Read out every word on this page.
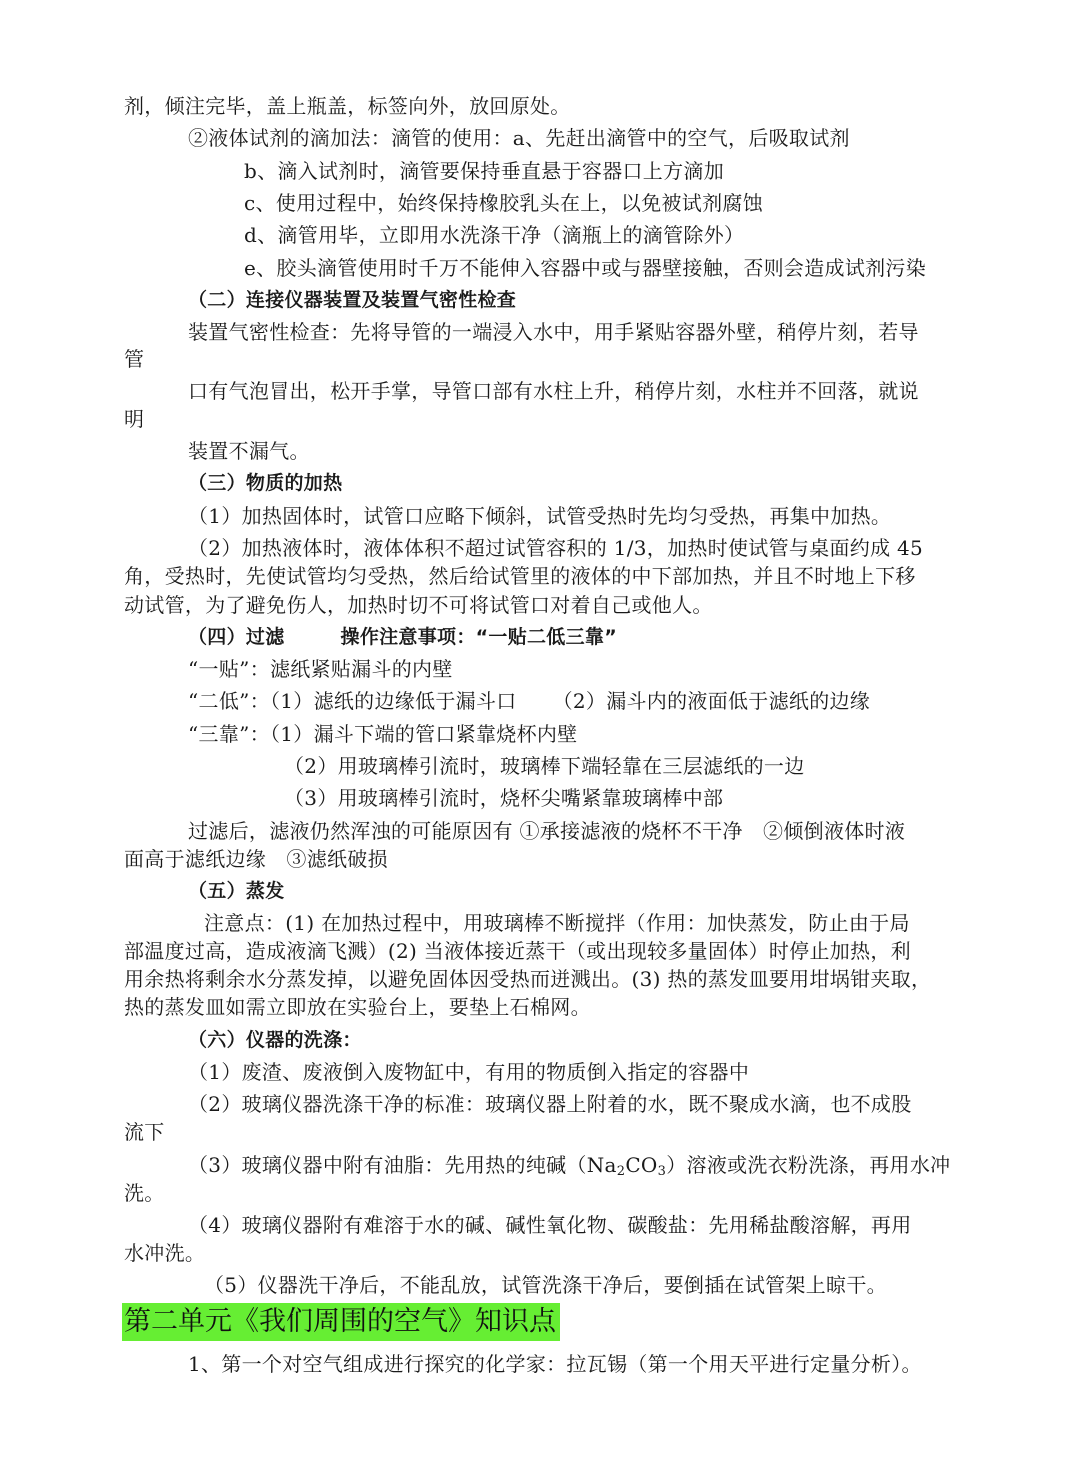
剂，倾注完毕，盖上瓶盖，标签向外，放回原处。
②液体试剂的滴加法：滴管的使用：a、先赶出滴管中的空气，后吸取试剂
b、滴入试剂时，滴管要保持垂直悬于容器口上方滴加
c、使用过程中，始终保持橡胶乳头在上，以免被试剂腐蚀
d、滴管用毕，立即用水洗涤干净（滴瓶上的滴管除外）
e、胶头滴管使用时千万不能伸入容器中或与器壁接触，否则会造成试剂污染
（二）连接仪器装置及装置气密性检查
装置气密性检查：先将导管的一端浸入水中，用手紧贴容器外壁，稍停片刻，若导
管
口有气泡冒出，松开手掌，导管口部有水柱上升，稍停片刻，水柱并不回落，就说
明
装置不漏气。
（三）物质的加热
（1）加热固体时，试管口应略下倾斜，试管受热时先均匀受热，再集中加热。
（2）加热液体时，液体体积不超过试管容积的 1/3，加热时使试管与桌面约成 45
角，受热时，先使试管均匀受热，然后给试管里的液体的中下部加热，并且不时地上下移
动试管，为了避免伤人，加热时切不可将试管口对着自己或他人。
（四）过滤	操作注意事项：“一贴二低三靠”
“一贴”：滤纸紧贴漏斗的内壁
“二低”：（1）滤纸的边缘低于漏斗口 （2）漏斗内的液面低于滤纸的边缘
“三靠”：（1）漏斗下端的管口紧靠烧杯内壁
（2）用玻璃棒引流时，玻璃棒下端轻靠在三层滤纸的一边
（3）用玻璃棒引流时，烧杯尖嘴紧靠玻璃棒中部
过滤后，滤液仍然浑浊的可能原因有 ①承接滤液的烧杯不干净　②倾倒液体时液
面高于滤纸边缘　③滤纸破损
（五）蒸发
注意点：(1) 在加热过程中，用玻璃棒不断搅拌（作用：加快蒸发，防止由于局
部温度过高，造成液滴飞溅）(2) 当液体接近蒸干（或出现较多量固体）时停止加热，利
用余热将剩余水分蒸发掉，以避免固体因受热而迸溅出。(3) 热的蒸发皿要用坩埚钳夹取，
热的蒸发皿如需立即放在实验台上，要垫上石棉网。
（六）仪器的洗涤：
（1）废渣、废液倒入废物缸中，有用的物质倒入指定的容器中
（2）玻璃仪器洗涤干净的标准：玻璃仪器上附着的水，既不聚成水滴，也不成股
流下
（3）玻璃仪器中附有油脂：先用热的纯碱$(Na_2CO_3)$溶液或洗衣粉洗涤，再用水冲
洗。
（4）玻璃仪器附有难溶于水的碱、碱性氧化物、碳酸盐：先用稀盐酸溶解，再用
水冲洗。
（5）仪器洗干净后，不能乱放，试管洗涤干净后，要倒插在试管架上晾干。
第二单元《我们周围的空气》知识点
1、第一个对空气组成进行探究的化学家：拉瓦锡（第一个用天平进行定量分析）。
